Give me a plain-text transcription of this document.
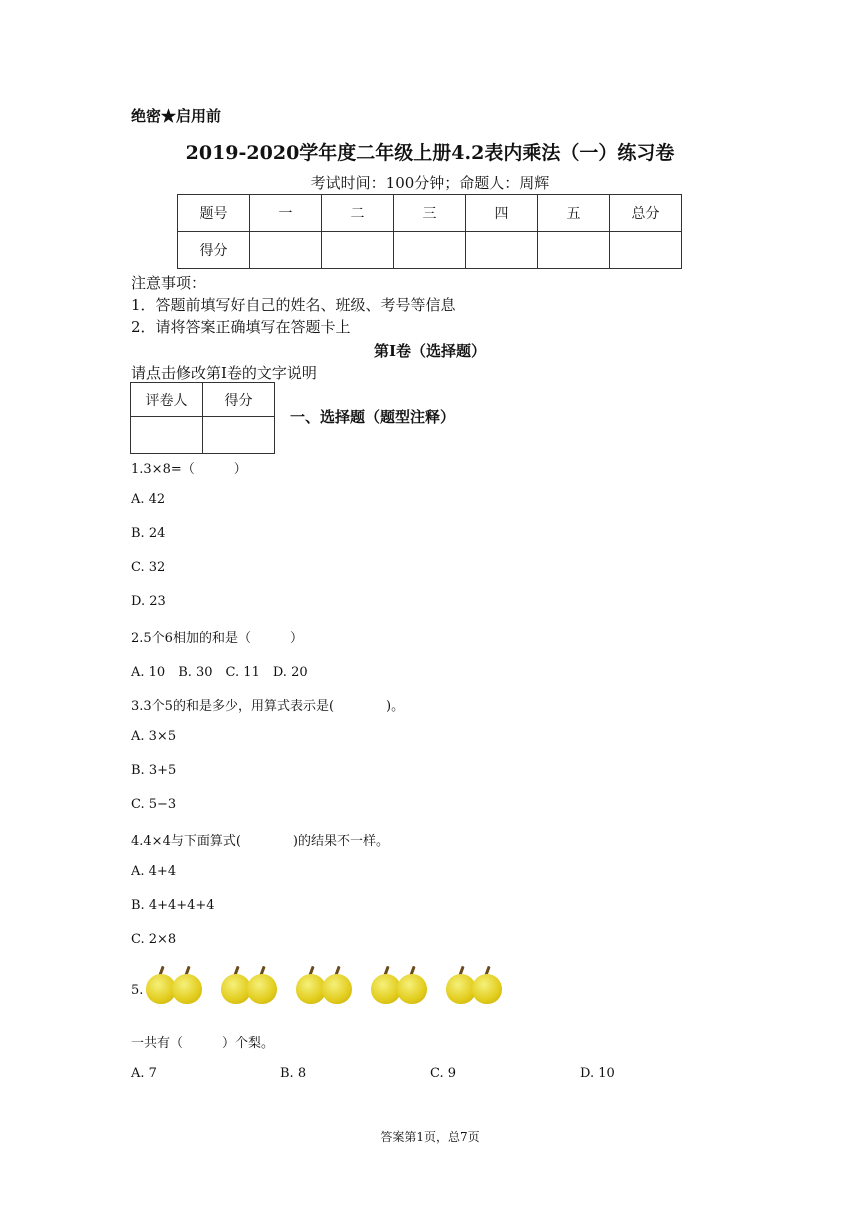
绝密★启用前
2019-2020学年度二年级上册4.2表内乘法（一）练习卷
考试时间：100分钟；命题人：周辉
题号	一	二	三	四	五	总分
得分						
注意事项：
1．答题前填写好自己的姓名、班级、考号等信息
2．请将答案正确填写在答题卡上
第I卷（选择题）
请点击修改第I卷的文字说明
评卷人	得分

一、选择题（题型注释）
1.3×8=（　　　）
A. 42
B. 24
C. 32
D. 23
2.5个6相加的和是（　　　）
A. 10　B. 30　C. 11　D. 20
3.3个5的和是多少，用算式表示是(　　　　)。
A. 3×5
B. 3+5
C. 5−3
4.4×4与下面算式(　　　　)的结果不一样。
A. 4+4
B. 4+4+4+4
C. 2×8
5.

一共有（　　　）个梨。
A. 7	B. 8	C. 9	D. 10
答案第1页，总7页
